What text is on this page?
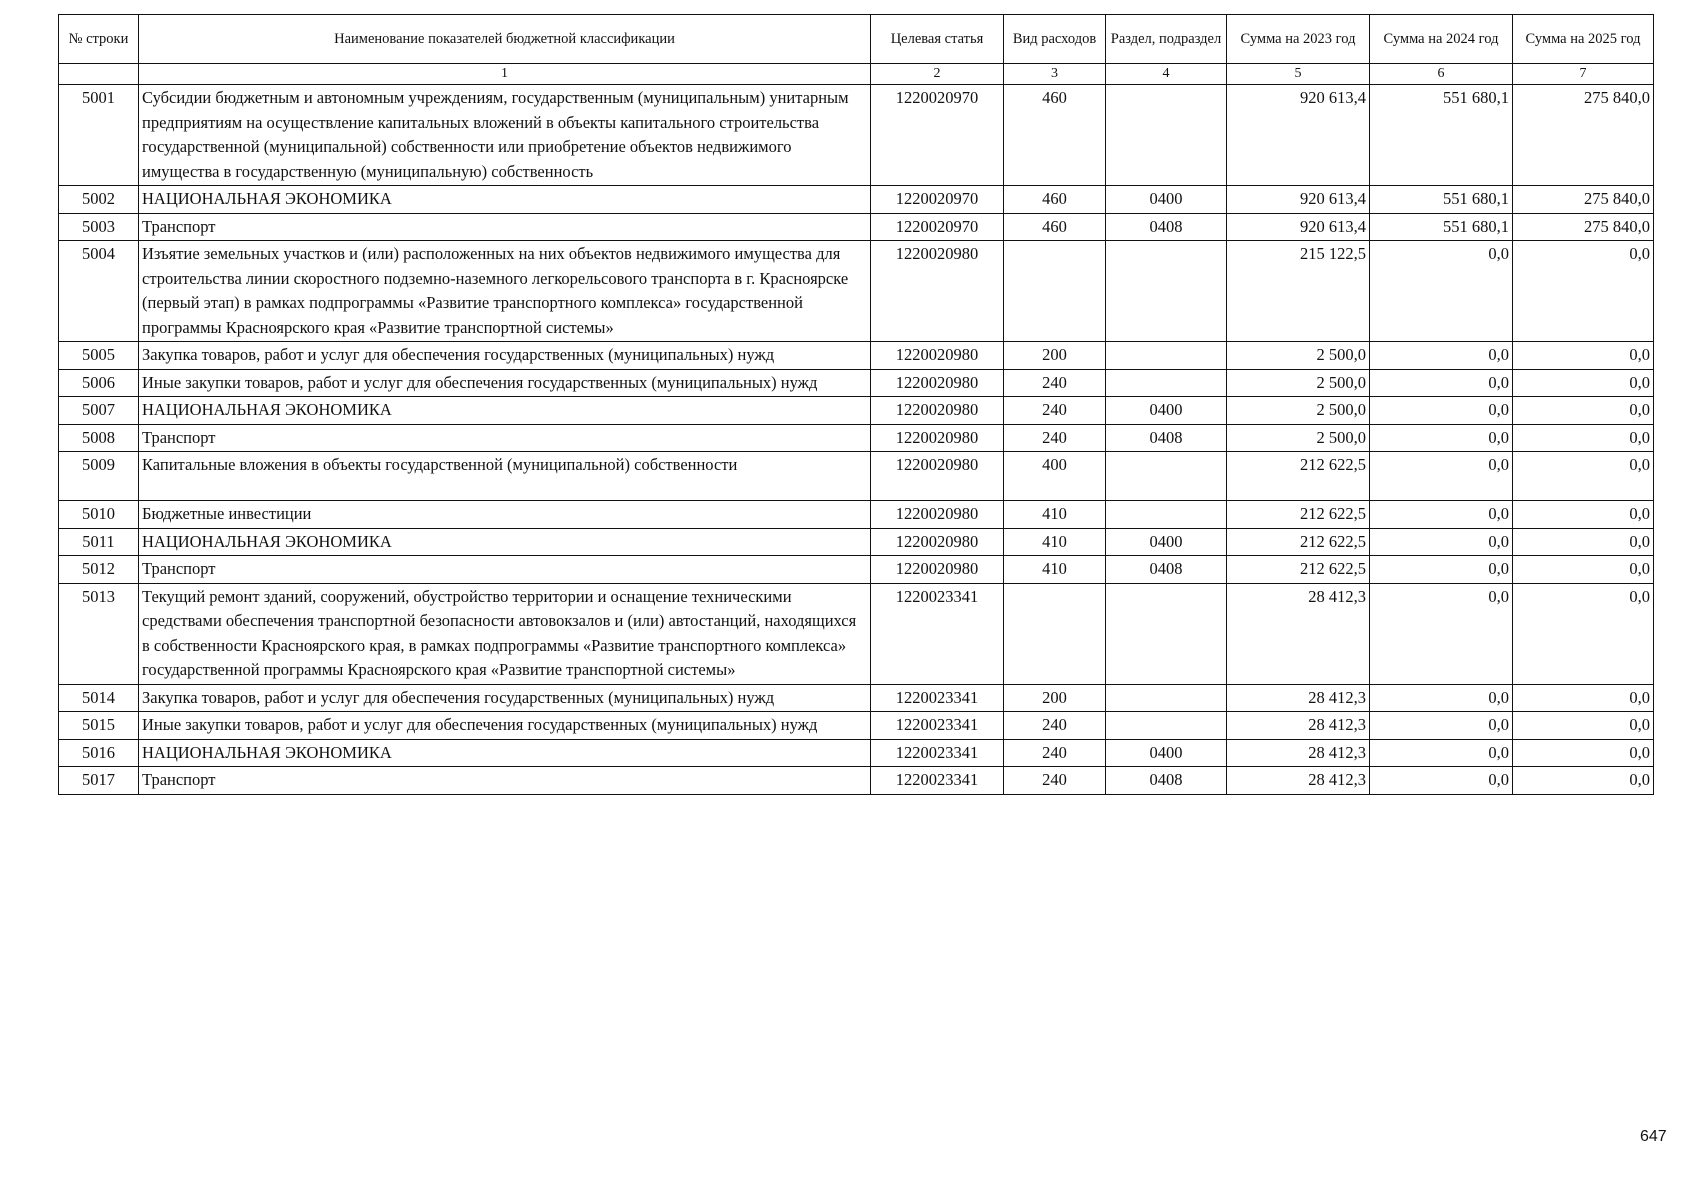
№ строки	Наименование показателей бюджетной классификации	Целевая статья	Вид расходов	Раздел, подраздел	Сумма на 2023 год	Сумма на 2024 год	Сумма на 2025 год
	1	2	3	4	5	6	7
5001	Субсидии бюджетным и автономным учреждениям, государственным (муниципальным) унитарным предприятиям на осуществление капитальных вложений в объекты капитального строительства государственной (муниципальной) собственности или приобретение объектов недвижимого имущества в государственную (муниципальную) собственность	1220020970	460		920 613,4	551 680,1	275 840,0
5002	НАЦИОНАЛЬНАЯ ЭКОНОМИКА	1220020970	460	0400	920 613,4	551 680,1	275 840,0
5003	Транспорт	1220020970	460	0408	920 613,4	551 680,1	275 840,0
5004	Изъятие земельных участков и (или) расположенных на них объектов недвижимого имущества для строительства линии скоростного подземно-наземного легкорельсового транспорта в г. Красноярске (первый этап) в рамках подпрограммы «Развитие транспортного комплекса» государственной программы Красноярского края «Развитие транспортной системы»	1220020980			215 122,5	0,0	0,0
5005	Закупка товаров, работ и услуг для обеспечения государственных (муниципальных) нужд	1220020980	200		2 500,0	0,0	0,0
5006	Иные закупки товаров, работ и услуг для обеспечения государственных (муниципальных) нужд	1220020980	240		2 500,0	0,0	0,0
5007	НАЦИОНАЛЬНАЯ ЭКОНОМИКА	1220020980	240	0400	2 500,0	0,0	0,0
5008	Транспорт	1220020980	240	0408	2 500,0	0,0	0,0
5009	Капитальные вложения в объекты государственной (муниципальной) собственности	1220020980	400		212 622,5	0,0	0,0
5010	Бюджетные инвестиции	1220020980	410		212 622,5	0,0	0,0
5011	НАЦИОНАЛЬНАЯ ЭКОНОМИКА	1220020980	410	0400	212 622,5	0,0	0,0
5012	Транспорт	1220020980	410	0408	212 622,5	0,0	0,0
5013	Текущий ремонт зданий, сооружений, обустройство территории и оснащение техническими средствами обеспечения транспортной безопасности автовокзалов и (или) автостанций, находящихся в собственности Красноярского края, в рамках подпрограммы «Развитие транспортного комплекса» государственной программы Красноярского края «Развитие транспортной системы»	1220023341			28 412,3	0,0	0,0
5014	Закупка товаров, работ и услуг для обеспечения государственных (муниципальных) нужд	1220023341	200		28 412,3	0,0	0,0
5015	Иные закупки товаров, работ и услуг для обеспечения государственных (муниципальных) нужд	1220023341	240		28 412,3	0,0	0,0
5016	НАЦИОНАЛЬНАЯ ЭКОНОМИКА	1220023341	240	0400	28 412,3	0,0	0,0
5017	Транспорт	1220023341	240	0408	28 412,3	0,0	0,0
647
